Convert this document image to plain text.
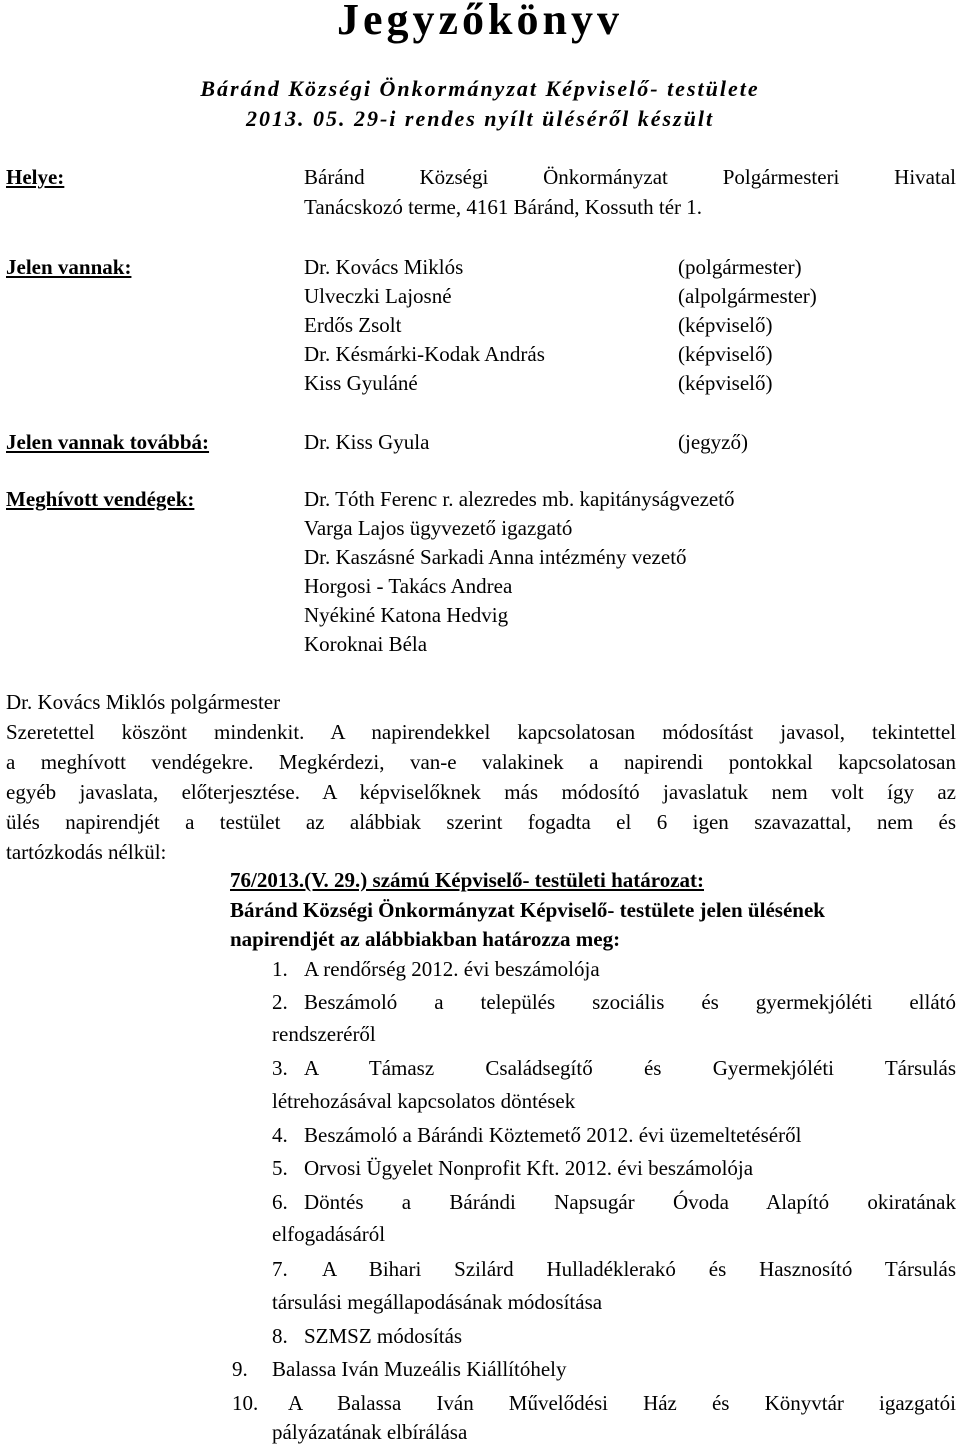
Jegyzőkönyv
Báránd Községi Önkormányzat Képviselő- testülete
2013. 05. 29-i rendes nyílt üléséről készült
Helye:	Báránd Községi Önkormányzat Polgármesteri Hivatal
Tanácskozó terme, 4161 Báránd, Kossuth tér 1.
Jelen vannak:	Dr. Kovács Miklós	(polgármester)
Ulveczki Lajosné	(alpolgármester)
Erdős Zsolt	(képviselő)
Dr. Késmárki-Kodak András	(képviselő)
Kiss Gyuláné	(képviselő)
Jelen vannak továbbá:	Dr. Kiss Gyula	(jegyző)
Meghívott vendégek:	Dr. Tóth Ferenc r. alezredes mb. kapitányságvezető
Varga Lajos ügyvezető igazgató
Dr. Kaszásné Sarkadi Anna intézmény vezető
Horgosi - Takács Andrea
Nyékiné Katona Hedvig
Koroknai Béla
Dr. Kovács Miklós polgármester
Szeretettel köszönt mindenkit. A napirendekkel kapcsolatosan módosítást javasol, tekintettel
a meghívott vendégekre. Megkérdezi, van-e valakinek a napirendi pontokkal kapcsolatosan
egyéb javaslata, előterjesztése. A képviselőknek más módosító javaslatuk nem volt így az
ülés napirendjét a testület az alábbiak szerint fogadta el 6 igen szavazattal, nem és
tartózkodás nélkül:
76/2013.(V. 29.) számú Képviselő- testületi határozat:
Báránd Községi Önkormányzat Képviselő- testülete jelen ülésének
napirendjét az alábbiakban határozza meg:
1. A rendőrség 2012. évi beszámolója
2. Beszámoló a település szociális és gyermekjóléti ellátó
rendszeréről
3. A Támasz Családsegítő és Gyermekjóléti Társulás
létrehozásával kapcsolatos döntések
4. Beszámoló a Bárándi Köztemető 2012. évi üzemeltetéséről
5. Orvosi Ügyelet Nonprofit Kft. 2012. évi beszámolója
6. Döntés a Bárándi Napsugár Óvoda Alapító okiratának
elfogadásáról
7. A Bihari Szilárd Hulladéklerakó és Hasznosító Társulás
társulási megállapodásának módosítása
8. SZMSZ módosítás
9. Balassa Iván Muzeális Kiállítóhely
10. A Balassa Iván Művelődési Ház és Könyvtár igazgatói
pályázatának elbírálása
